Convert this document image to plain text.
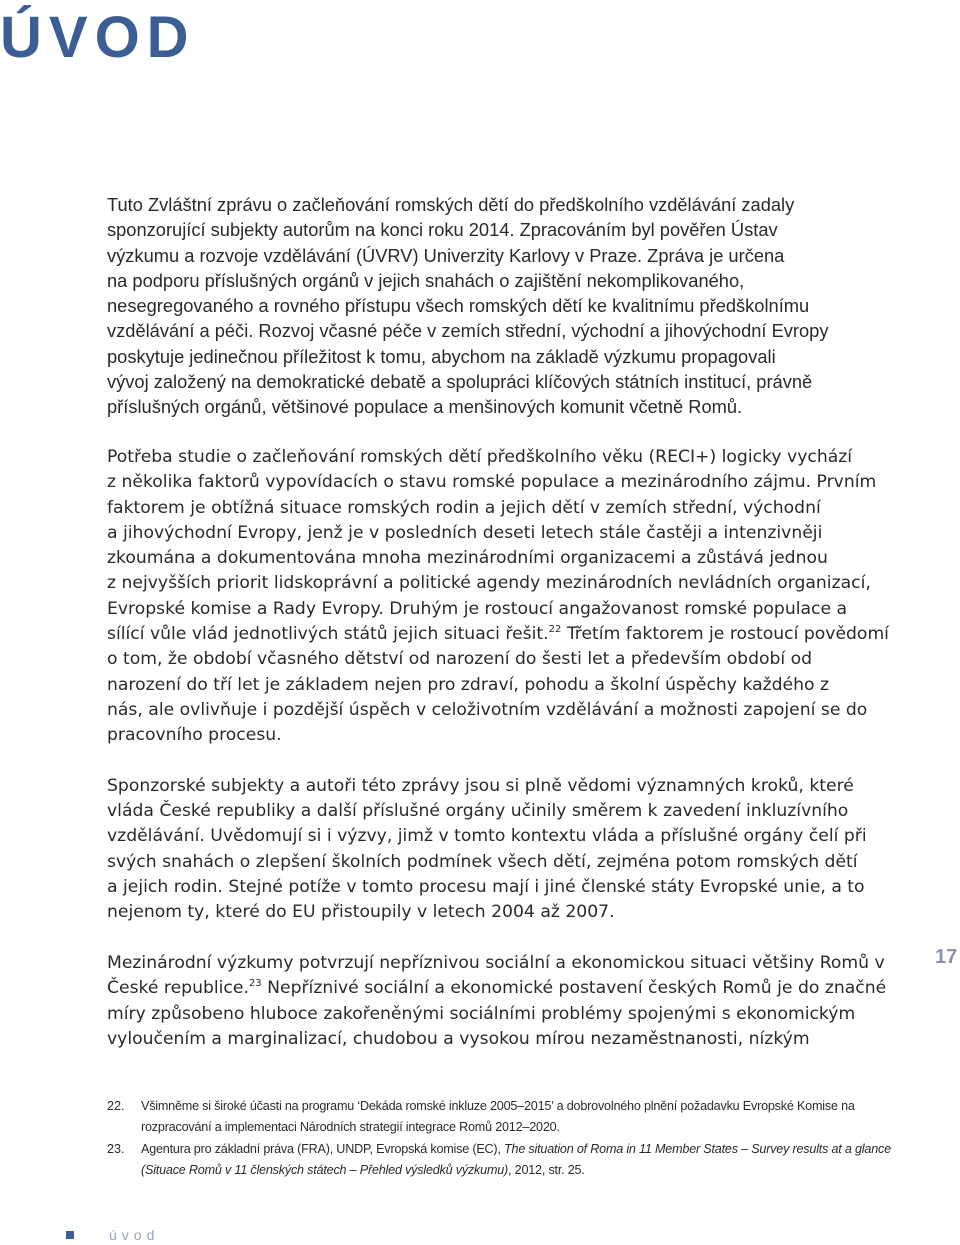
ÚVOD

Tuto Zvláštní zprávu o začleňování romských dětí do předškolního vzdělávání zadaly
sponzorující subjekty autorům na konci roku 2014. Zpracováním byl pověřen Ústav
výzkumu a rozvoje vzdělávání (ÚVRV) Univerzity Karlovy v Praze. Zpráva je určena
na podporu příslušných orgánů v jejich snahách o zajištění nekomplikovaného,
nesegregovaného a rovného přístupu všech romských dětí ke kvalitnímu předškolnímu
vzdělávání a péči. Rozvoj včasné péče v zemích střední, východní a jihovýchodní Evropy
poskytuje jedinečnou příležitost k tomu, abychom na základě výzkumu propagovali
vývoj založený na demokratické debatě a spolupráci klíčových státních institucí, právně
příslušných orgánů, většinové populace a menšinových komunit včetně Romů.

Potřeba studie o začleňování romských dětí předškolního věku (RECI+) logicky vychází
z několika faktorů vypovídacích o stavu romské populace a mezinárodního zájmu. Prvním
faktorem je obtížná situace romských rodin a jejich dětí v zemích střední, východní
a jihovýchodní Evropy, jenž je v posledních deseti letech stále častěji a intenzivněji
zkoumána a dokumentována mnoha mezinárodními organizacemi a zůstává jednou
z nejvyšších priorit lidskoprávní a politické agendy mezinárodních nevládních organizací,
Evropské komise a Rady Evropy. Druhým je rostoucí angažovanost romské populace a
sílící vůle vlád jednotlivých států jejich situaci řešit.$^{22}$ Třetím faktorem je rostoucí povědomí
o tom, že období včasného dětství od narození do šesti let a především období od
narození do tří let je základem nejen pro zdraví, pohodu a školní úspěchy každého z
nás, ale ovlivňuje i pozdější úspěch v celoživotním vzdělávání a možnosti zapojení se do
pracovního procesu.

Sponzorské subjekty a autoři této zprávy jsou si plně vědomi významných kroků, které
vláda České republiky a další příslušné orgány učinily směrem k zavedení inkluzívního
vzdělávání. Uvědomují si i výzvy, jimž v tomto kontextu vláda a příslušné orgány čelí při
svých snahách o zlepšení školních podmínek všech dětí, zejména potom romských dětí
a jejich rodin. Stejné potíže v tomto procesu mají i jiné členské státy Evropské unie, a to
nejenom ty, které do EU přistoupily v letech 2004 až 2007.

Mezinárodní výzkumy potvrzují nepříznivou sociální a ekonomickou situaci většiny Romů v
České republice.$^{23}$ Nepříznivé sociální a ekonomické postavení českých Romů je do značné
míry způsobeno hluboce zakořeněnými sociálními problémy spojenými s ekonomickým
vyloučením a marginalizací, chudobou a vysokou mírou nezaměstnanosti, nízkým

17
22. Všimněme si široké účasti na programu ‘Dekáda romské inkluze 2005–2015’ a dobrovolného plnění požadavku Evropské Komise na
rozpracování a implementaci Národních strategií integrace Romů 2012–2020.
23. Agentura pro základní práva (FRA), UNDP, Evropská komise (EC), The situation of Roma in 11 Member States – Survey results at a glance
(Situace Romů v 11 členských státech – Přehled výsledků výzkumu), 2012, str. 25.
úvod
